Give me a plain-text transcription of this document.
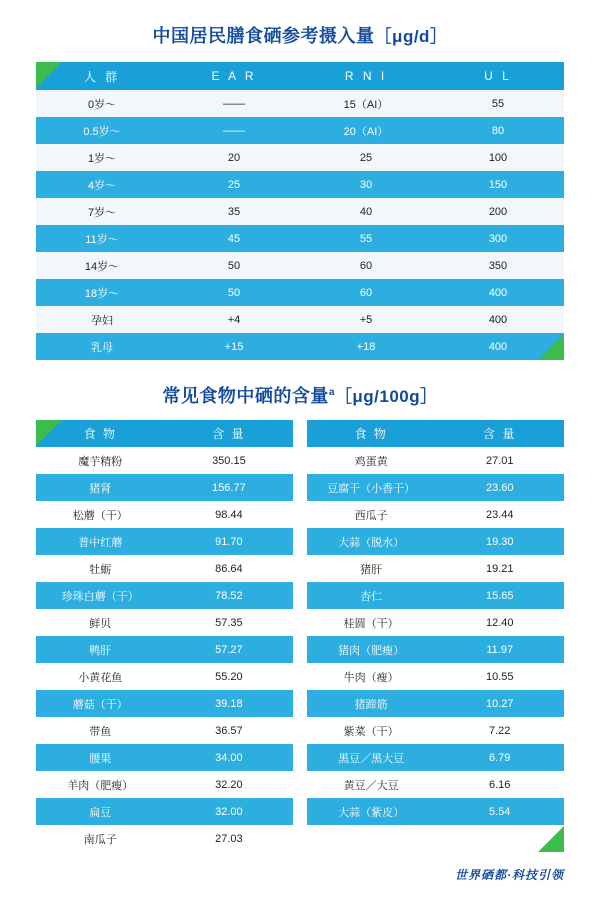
中国居民膳食硒参考摄入量［μg/d］
人 群	E A R	R N I	U L
0岁～	——	15（AI）	55
0.5岁～	——	20（AI）	80
1岁～	20	25	100
4岁～	25	30	150
7岁～	35	40	200
11岁～	45	55	300
14岁～	50	60	350
18岁～	50	60	400
孕妇	+4	+5	400
乳母	+15	+18	400
常见食物中硒的含量$^a$［μg/100g］
食 物	含 量
魔芋精粉	350.15
猪肾	156.77
松蘑（干）	98.44
普中红蘑	91.70
牡蛎	86.64
珍珠白蘑（干）	78.52
鲜贝	57.35
鸭肝	57.27
小黄花鱼	55.20
蘑菇（干）	39.18
带鱼	36.57
腰果	34.00
羊肉（肥瘦）	32.20
扁豆	32.00
南瓜子	27.03
食 物	含 量
鸡蛋黄	27.01
豆腐干（小香干）	23.60
西瓜子	23.44
大蒜（脱水）	19.30
猪肝	19.21
杏仁	15.65
桂圆（干）	12.40
猪肉（肥瘦）	11.97
牛肉（瘦）	10.55
猪蹄筋	10.27
紫菜（干）	7.22
黑豆／黑大豆	6.79
黄豆／大豆	6.16
大蒜（紫皮）	5.54
世界硒都·科技引领
